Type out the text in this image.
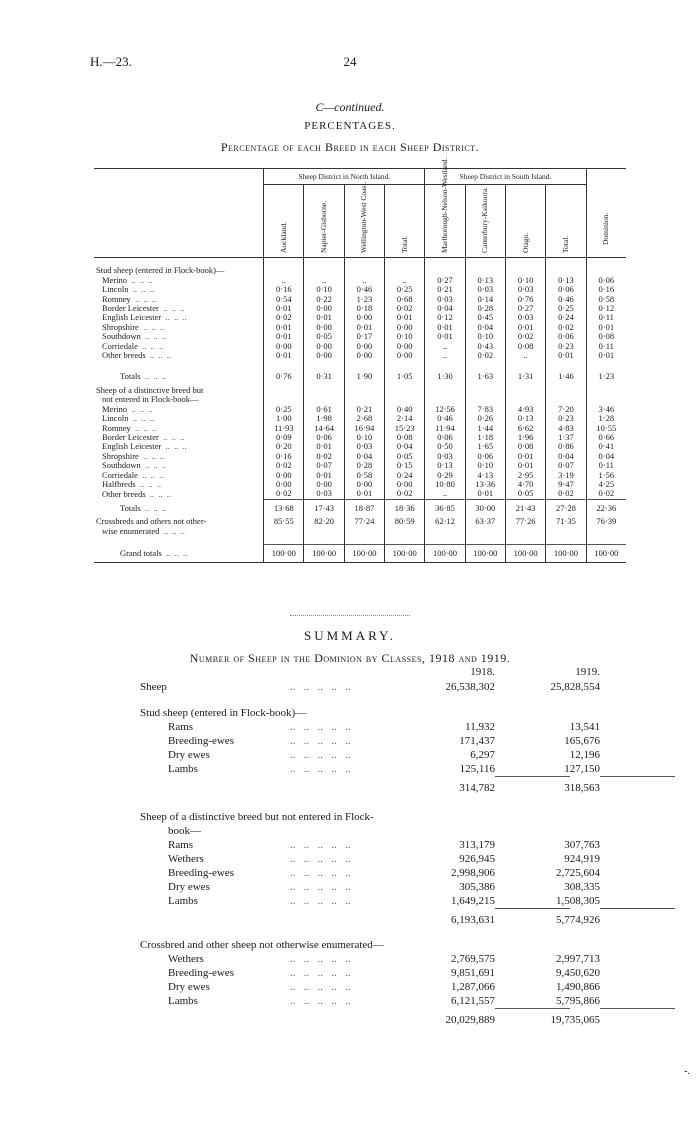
H.—23.	24
C—continued.
PERCENTAGES.
Percentage of each Breed in each Sheep District.
	Sheep District in North Island.				Sheep District in South Island.				Dominion.

	Auckland.	Napier-Gisborne.	Wellington-West Coast.	Total.	Marlborough-Nelson-Westland.	Canterbury-Kaikoura.	Otago.	Total.	

Stud sheep (entered in Flock-book)—									
Merino  ..  ..  ..	..	..	..	..	0·27	0·13	0·10	0·13	0·06
Lincoln  ..  ..  ..	0·16	0·10	0·46	0·25	0·21	0·03	0·03	0·06	0·16
Romney  ..  ..  ..	0·54	0·22	1·23	0·68	0·03	0·14	0·76	0·46	0·58
Border Leicester  ..  ..  ..	0·01	0·00	0·18	0·02	0·04	0·28	0·27	0·25	0·12
English Leicester  ..  ..  ..	0·02	0·01	0·00	0·01	0·12	0·45	0·03	0·24	0·11
Shropshire  ..  ..  ..	0·01	0·00	0·01	0·00	0·01	0·04	0·01	0·02	0·01
Southdown  ..  ..  ..	0·01	0·05	0·17	0·10	0·01	0·10	0·02	0·06	0·08
Corriedale  ..  ..  ..	0·00	0·00	0·00	0·00	..	0·43	0·08	0·23	0·11
Other breeds  ..  ..  ..	0·01	0·00	0·00	0·00	..	0·02	..	0·01	0·01

Totals  ..  ..  ..	0·76	0·31	1·90	1·05	1·30	1·63	1·31	1·46	1·23
Sheep of a distinctive breed but									
not entered in Flock-book—									
Merino  ..  ..  ..	0·25	0·61	0·21	0·40	12·56	7·83	4·93	7·20	3·46
Lincoln  ..  ..  ..	1·00	1·98	2·68	2·14	0·46	0·26	0·13	0·23	1·28
Romney  ..  ..  ..	11·93	14·64	16·94	15·23	11·94	1·44	6·62	4·83	10·55
Border Leicester  ..  ..  ..	0·09	0·06	0·10	0·08	0·06	1·18	1·96	1·37	0·66
English Leicester  ..  ..  ..	0·20	0·01	0·03	0·04	0·50	1·65	0·08	0·86	0·41
Shropshire  ..  ..  ..	0·16	0·02	0·04	0·05	0·03	0·06	0·01	0·04	0·04
Southdown  ..  ..  ..	0·02	0·07	0·28	0·15	0·13	0·10	0·01	0·07	0·11
Corriedale  ..  ..  ..	0·00	0·01	0·58	0·24	0·29	4·13	2·95	3·19	1·56
Halfbreds  ..  ..  ..	0·00	0·00	0·00	0·00	10·80	13·36	4·70	9·47	4·25
Other breeds  ..  ..  ..	0·02	0·03	0·01	0·02	..	0·01	0·05	0·02	0·02
Totals  ..  ..  ..	13·68	17·43	18·87	18·36	36·85	30·00	21·43	27·28	22·36
Crossbreds and others not other-	85·55	82·20	77·24	80·59	62·12	63·37	77·26	71·35	76·39
wise enumerated  ..  ..  ..									

Grand totals  ..  ..  ..	100·00	100·00	100·00	100·00	100·00	100·00	100·00	100·00	100·00
SUMMARY.
Number of Sheep in the Dominion by Classes, 1918 and 1919.
1918.	1919.
Sheep	26,538,302	25,828,554
..   ..   ..   ..   ..
Stud sheep (entered in Flock-book)—
Rams	11,932	13,541
..   ..   ..   ..   ..
Breeding-ewes	171,437	165,676
..   ..   ..   ..   ..
Dry ewes	6,297	12,196
..   ..   ..   ..   ..
Lambs	125,116	127,150
..   ..   ..   ..   ..
314,782	318,563
Sheep of a distinctive breed but not entered in Flock-
book—
Rams	313,179	307,763
..   ..   ..   ..   ..
Wethers	926,945	924,919
..   ..   ..   ..   ..
Breeding-ewes	2,998,906	2,725,604
..   ..   ..   ..   ..
Dry ewes	305,386	308,335
..   ..   ..   ..   ..
Lambs	1,649,215	1,508,305
..   ..   ..   ..   ..
6,193,631	5,774,926
Crossbred and other sheep not otherwise enumerated—
Wethers	2,769,575	2,997,713
..   ..   ..   ..   ..
Breeding-ewes	9,851,691	9,450,620
..   ..   ..   ..   ..
Dry ewes	1,287,066	1,490,866
..   ..   ..   ..   ..
Lambs	6,121,557	5,795,866
..   ..   ..   ..   ..
20,029,889	19,735,065
-.
